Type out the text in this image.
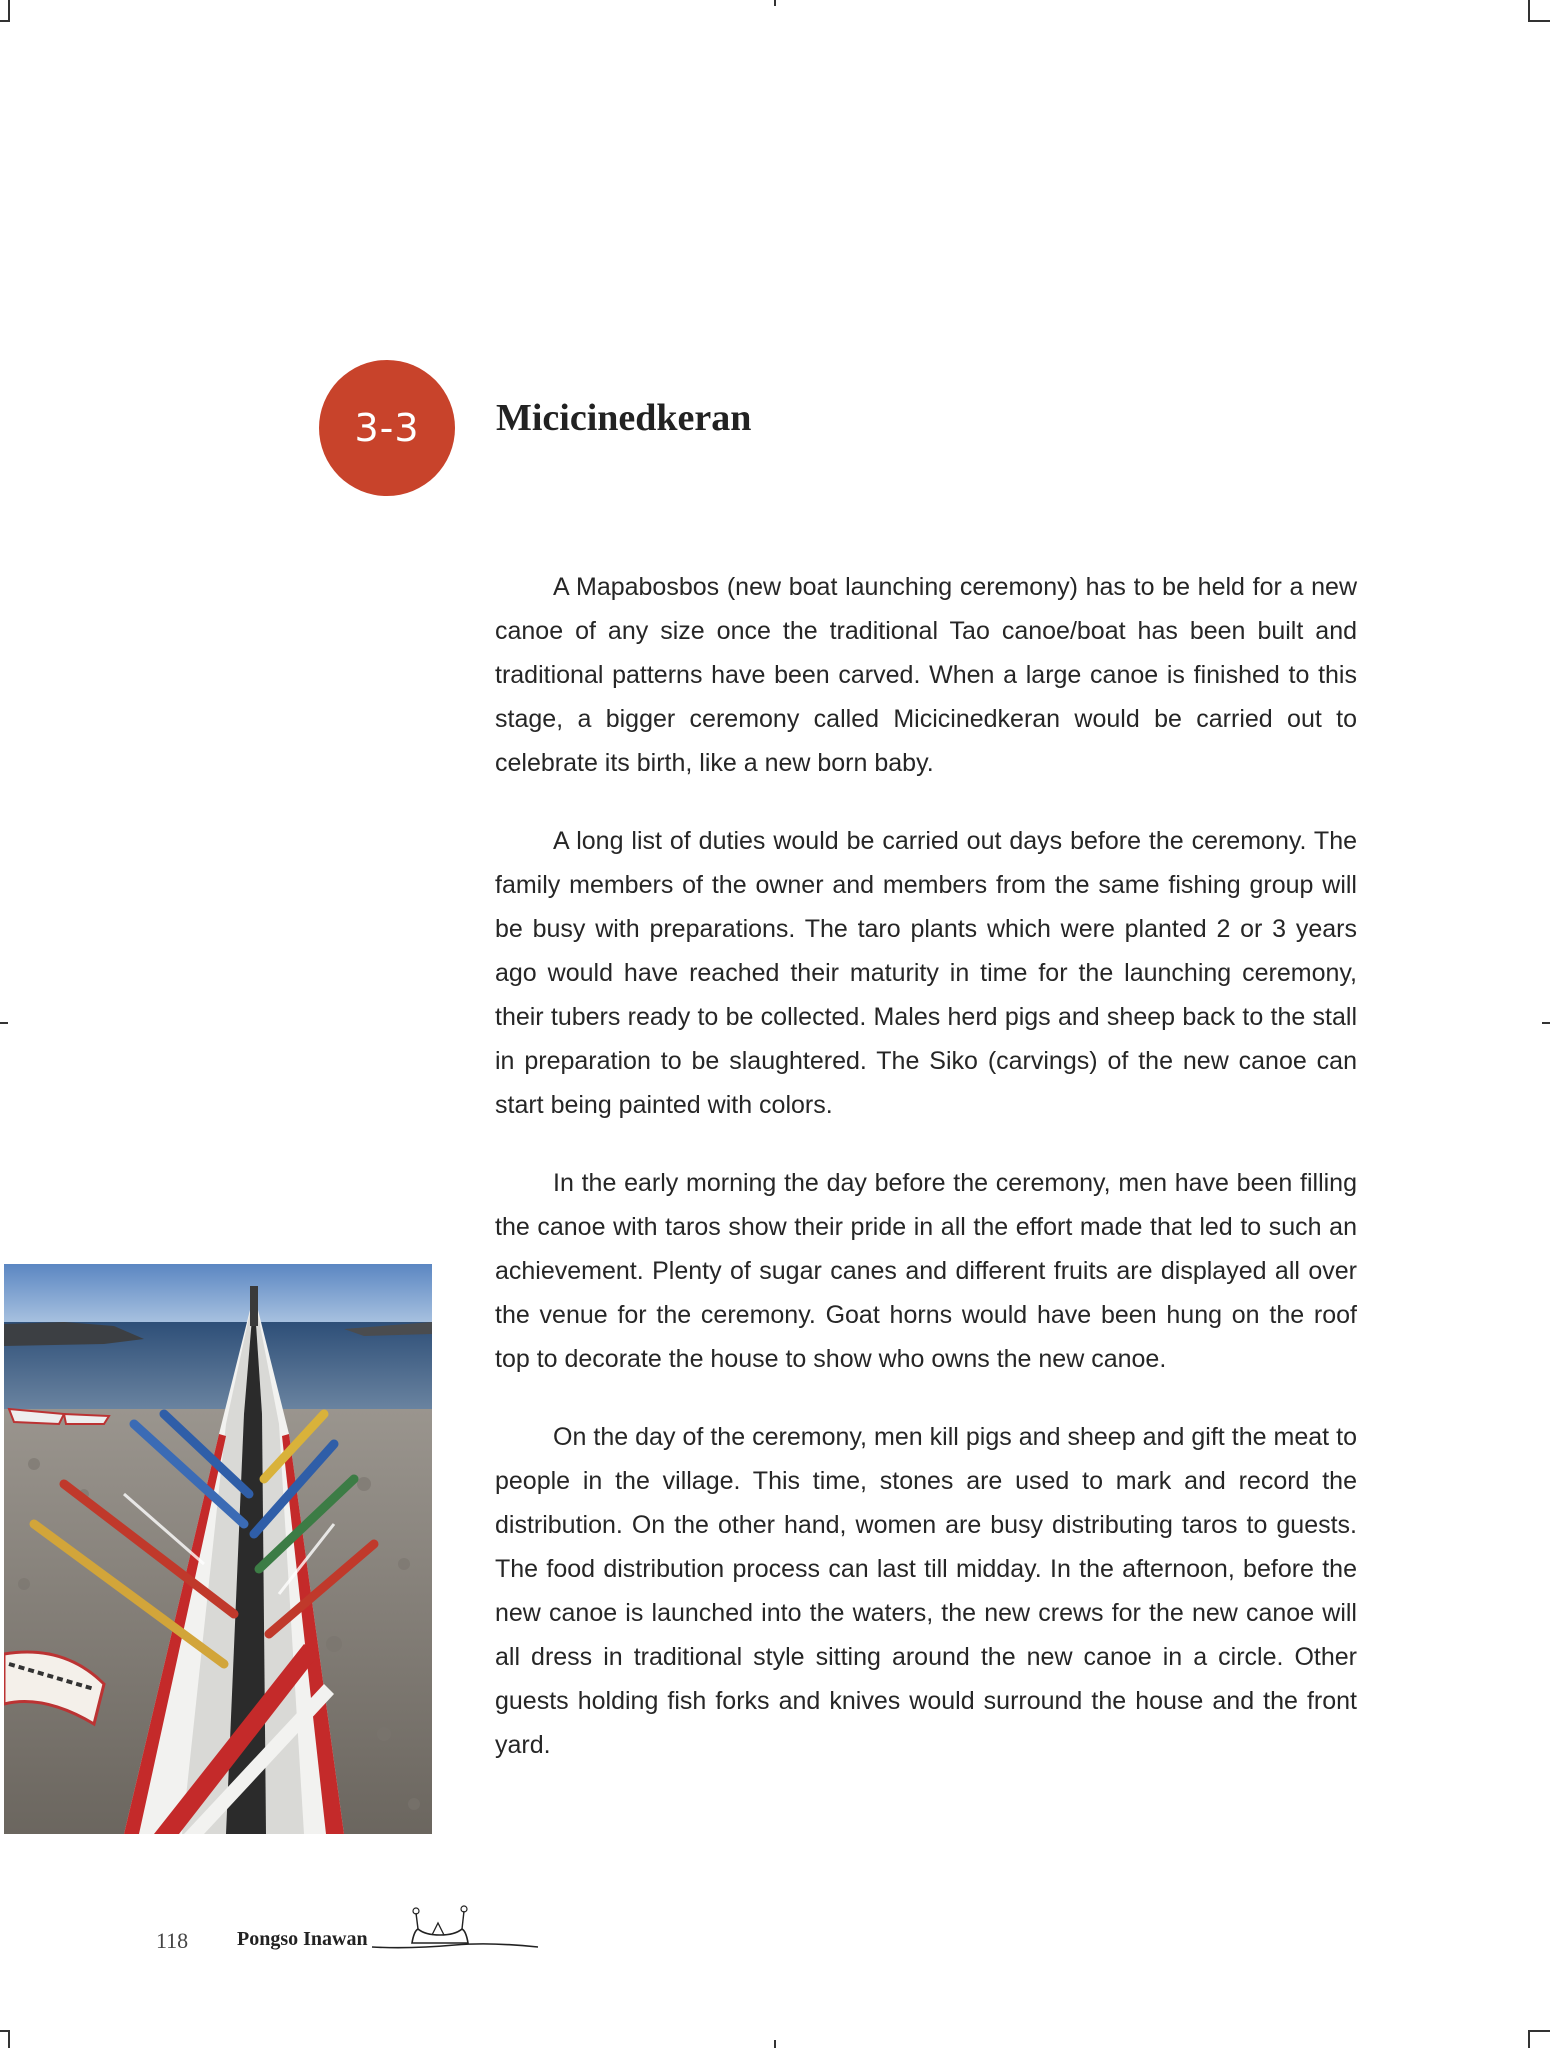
3-3	Micicinedkeran

A Mapabosbos (new boat launching ceremony) has to be held for a new canoe of any size once the traditional Tao canoe/boat has been built and traditional patterns have been carved. When a large canoe is finished to this stage, a bigger ceremony called Micicinedkeran would be carried out to celebrate its birth, like a new born baby.

A long list of duties would be carried out days before the ceremony. The family members of the owner and members from the same fishing group will be busy with preparations. The taro plants which were planted 2 or 3 years ago would have reached their maturity in time for the launching ceremony, their tubers ready to be collected. Males herd pigs and sheep back to the stall in preparation to be slaughtered. The Siko (carvings) of the new canoe can start being painted with colors.

In the early morning the day before the ceremony, men have been filling the canoe with taros show their pride in all the effort made that led to such an achievement. Plenty of sugar canes and different fruits are displayed all over the venue for the ceremony. Goat horns would have been hung on the roof top to decorate the house to show who owns the new canoe.

On the day of the ceremony, men kill pigs and sheep and gift the meat to people in the village. This time, stones are used to mark and record the distribution. On the other hand, women are busy distributing taros to guests. The food distribution process can last till midday. In the afternoon, before the new canoe is launched into the waters, the new crews for the new canoe will all dress in traditional style sitting around the new canoe in a circle. Other guests holding fish forks and knives would surround the house and the front yard.

118 Pongso Inawan
